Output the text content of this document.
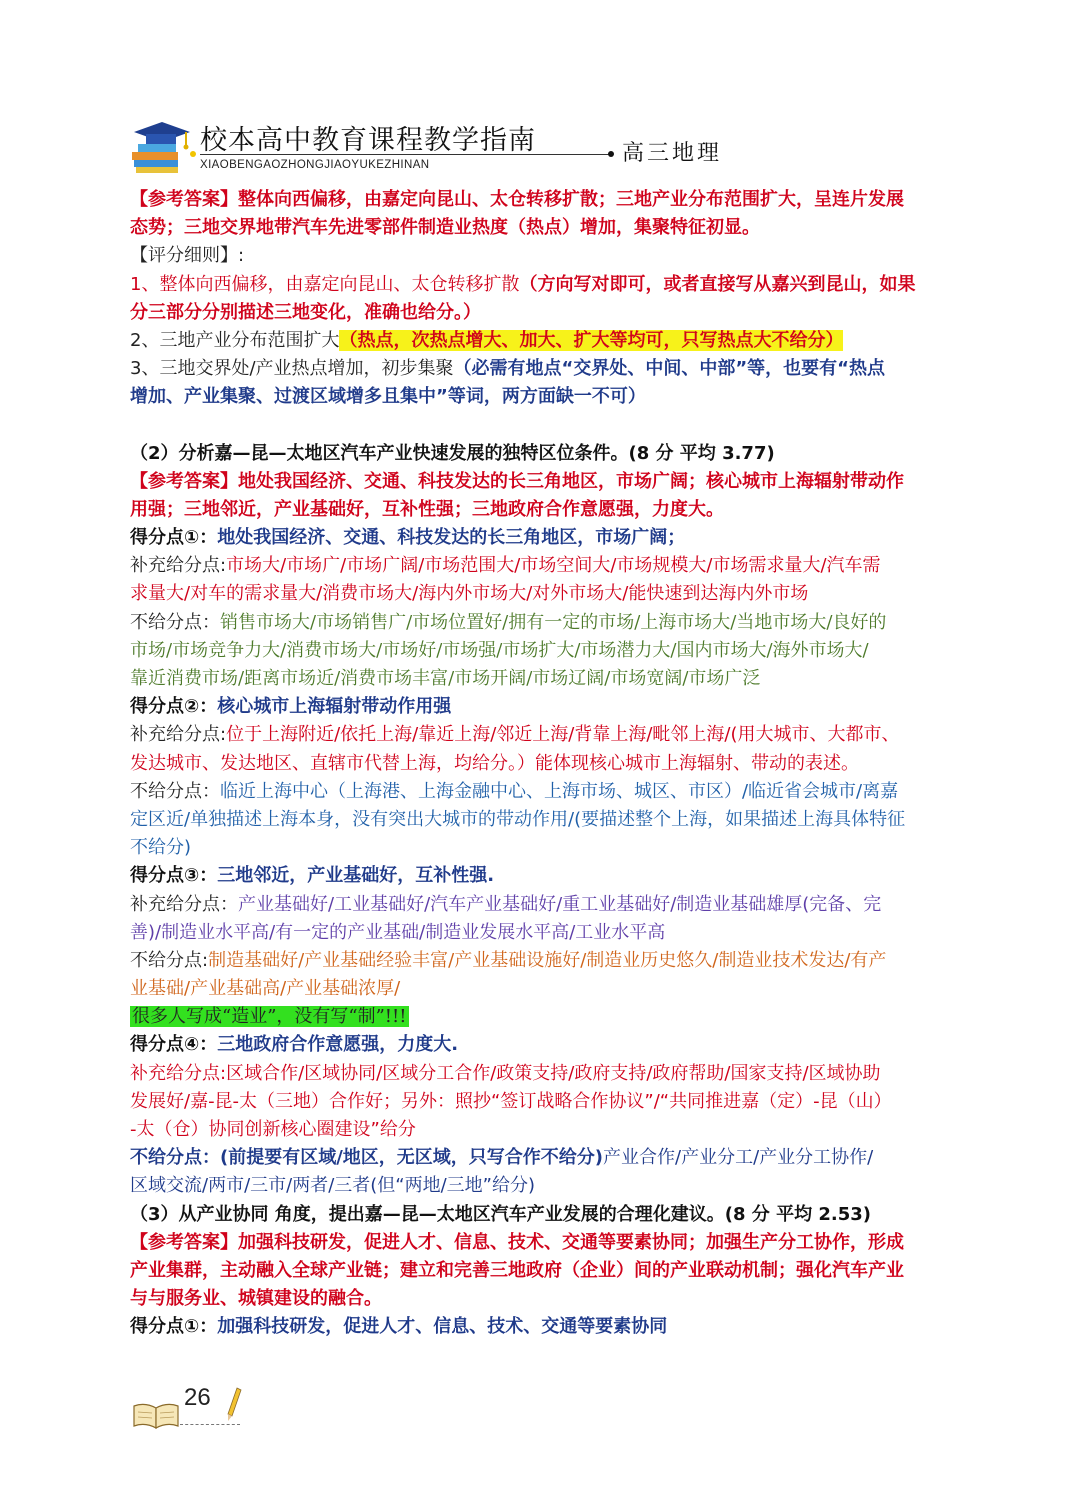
校本高中教育课程教学指南
XIAOBENGAOZHONGJIAOYUKEZHINAN	高三地理
【参考答案】整体向西偏移，由嘉定向昆山、太仓转移扩散；三地产业分布范围扩大，呈连片发展
态势；三地交界地带汽车先进零部件制造业热度（热点）增加，集聚特征初显。
【评分细则】:
1、整体向西偏移，由嘉定向昆山、太仓转移扩散（方向写对即可，或者直接写从嘉兴到昆山，如果
分三部分分别描述三地变化，准确也给分。）
2、三地产业分布范围扩大（热点，次热点增大、加大、扩大等均可，只写热点大不给分）
3、三地交界处/产业热点增加，初步集聚（必需有地点“交界处、中间、中部”等，也要有“热点
增加、产业集聚、过渡区域增多且集中”等词，两方面缺一不可）
（2）分析嘉—昆—太地区汽车产业快速发展的独特区位条件。(8 分 平均 3.77)
【参考答案】地处我国经济、交通、科技发达的长三角地区，市场广阔；核心城市上海辐射带动作
用强；三地邻近，产业基础好，互补性强；三地政府合作意愿强，力度大。
得分点①：地处我国经济、交通、科技发达的长三角地区，市场广阔；
补充给分点:市场大/市场广/市场广阔/市场范围大/市场空间大/市场规模大/市场需求量大/汽车需
求量大/对车的需求量大/消费市场大/海内外市场大/对外市场大/能快速到达海内外市场
不给分点：销售市场大/市场销售广/市场位置好/拥有一定的市场/上海市场大/当地市场大/良好的
市场/市场竞争力大/消费市场大/市场好/市场强/市场扩大/市场潜力大/国内市场大/海外市场大/
靠近消费市场/距离市场近/消费市场丰富/市场开阔/市场辽阔/市场宽阔/市场广泛
得分点②：核心城市上海辐射带动作用强
补充给分点:位于上海附近/依托上海/靠近上海/邻近上海/背靠上海/毗邻上海/(用大城市、大都市、
发达城市、发达地区、直辖市代替上海，均给分。）能体现核心城市上海辐射、带动的表述。
不给分点：临近上海中心（上海港、上海金融中心、上海市场、城区、市区）/临近省会城市/离嘉
定区近/单独描述上海本身，没有突出大城市的带动作用/(要描述整个上海，如果描述上海具体特征
不给分)
得分点③：三地邻近，产业基础好，互补性强.
补充给分点：产业基础好/工业基础好/汽车产业基础好/重工业基础好/制造业基础雄厚(完备、完
善)/制造业水平高/有一定的产业基础/制造业发展水平高/工业水平高
不给分点:制造基础好/产业基础经验丰富/产业基础设施好/制造业历史悠久/制造业技术发达/有产
业基础/产业基础高/产业基础浓厚/
很多人写成“造业”，没有写“制”!!!
得分点④：三地政府合作意愿强，力度大.
补充给分点:区域合作/区域协同/区域分工合作/政策支持/政府支持/政府帮助/国家支持/区域协助
发展好/嘉-昆-太（三地）合作好；另外：照抄“签订战略合作协议”/“共同推进嘉（定）-昆（山）
-太（仓）协同创新核心圈建设”给分
不给分点：(前提要有区域/地区，无区域，只写合作不给分)产业合作/产业分工/产业分工协作/
区域交流/两市/三市/两者/三者(但“两地/三地”给分)
（3）从产业协同 角度，提出嘉—昆—太地区汽车产业发展的合理化建议。(8 分 平均 2.53)
【参考答案】加强科技研发，促进人才、信息、技术、交通等要素协同；加强生产分工协作，形成
产业集群，主动融入全球产业链；建立和完善三地政府（企业）间的产业联动机制；强化汽车产业
与与服务业、城镇建设的融合。
得分点①：加强科技研发，促进人才、信息、技术、交通等要素协同
26
